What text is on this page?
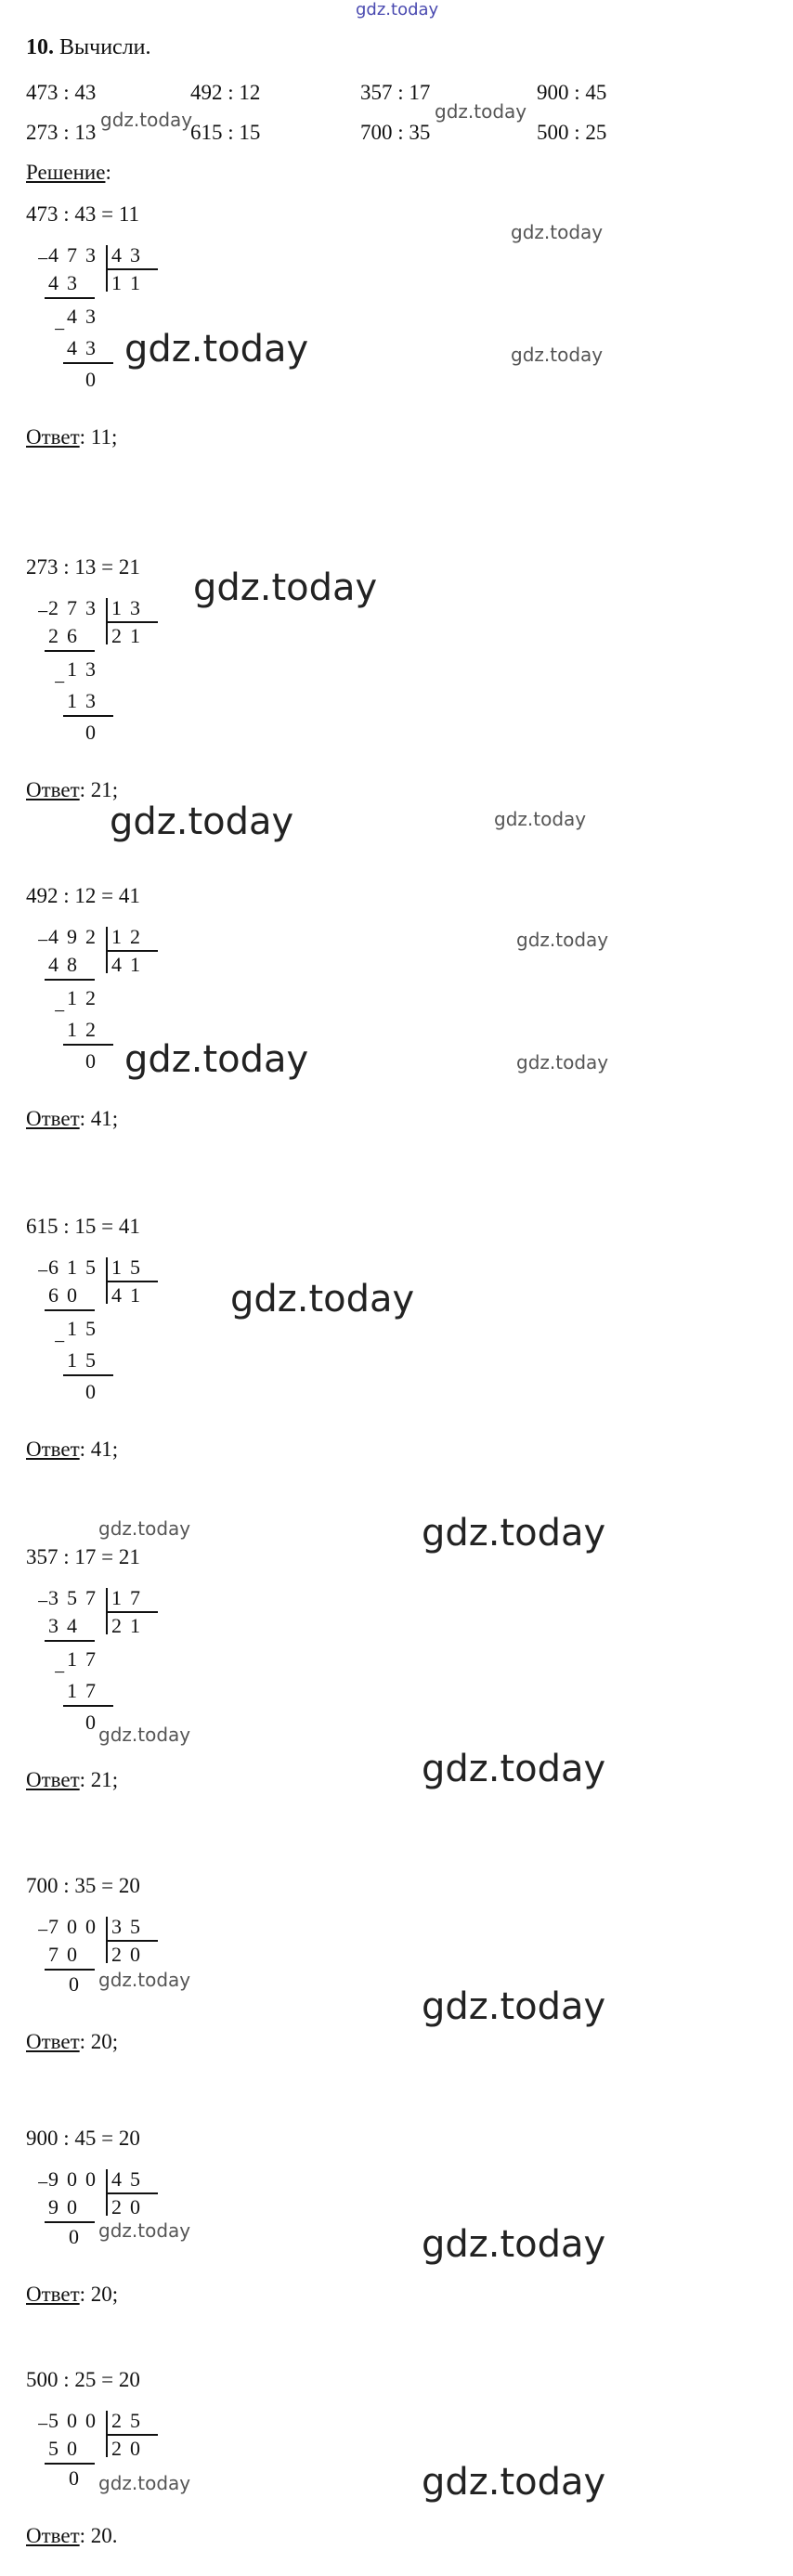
gdz.today
10. Вычисли.
473 : 43	492 : 12	357 : 17	900 : 45
273 : 13	615 : 15	700 : 35	500 : 25
Решение:
473 : 43 = 11
− 4 7 3 4 3
1 1
4 3
−
4 3
4 3
0
Ответ: 11;
273 : 13 = 21
− 2 7 3 1 3
2 1
2 6
−
1 3
1 3
0
Ответ: 21;
492 : 12 = 41
− 4 9 2 1 2
4 1
4 8
−
1 2
1 2
0
Ответ: 41;
615 : 15 = 41
− 6 1 5 1 5
4 1
6 0
−
1 5
1 5
0
Ответ: 41;
357 : 17 = 21
− 3 5 7 1 7
2 1
3 4
−
1 7
1 7
0
Ответ: 21;
700 : 35 = 20
− 7 0 0 3 5
2 0
7 0
0
Ответ: 20;
900 : 45 = 20
− 9 0 0 4 5
2 0
9 0
0
Ответ: 20;
500 : 25 = 20
− 5 0 0 2 5
2 0
5 0
0
Ответ: 20.
gdz.today	gdz.today
gdz.today
gdz.today
gdz.today
gdz.today
gdz.today
gdz.today
gdz.today
gdz.today
gdz.today
gdz.today
gdz.today
gdz.today
gdz.today
gdz.today
gdz.today
gdz.today
gdz.today
gdz.today
gdz.today
gdz.today
